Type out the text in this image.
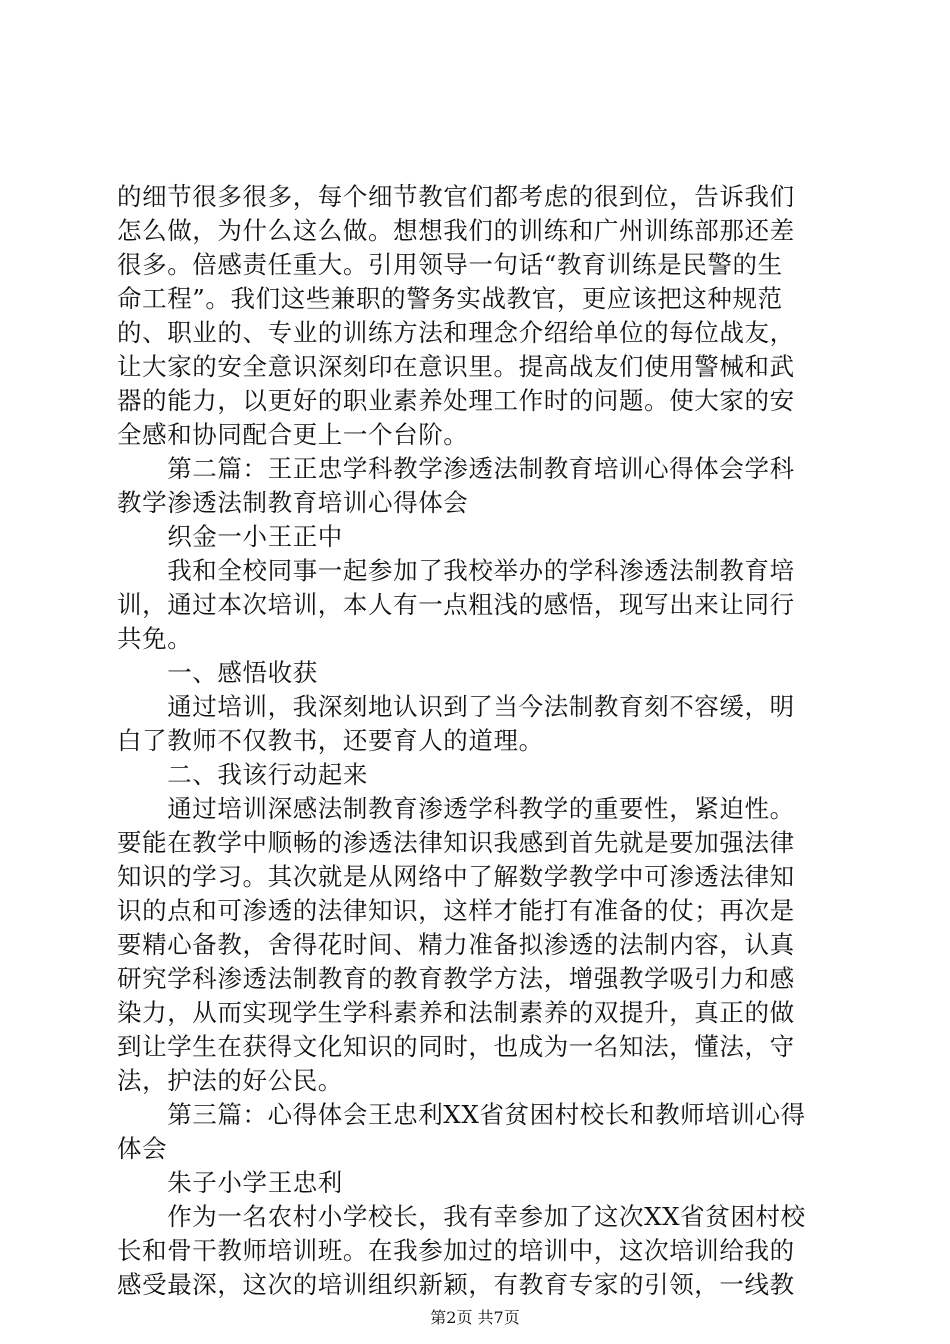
的细节很多很多，每个细节教官们都考虑的很到位，告诉我们
怎么做，为什么这么做。想想我们的训练和广州训练部那还差
很多。倍感责任重大。引用领导一句话“教育训练是民警的生
命工程”。我们这些兼职的警务实战教官，更应该把这种规范
的、职业的、专业的训练方法和理念介绍给单位的每位战友，
让大家的安全意识深刻印在意识里。提高战友们使用警械和武
器的能力，以更好的职业素养处理工作时的问题。使大家的安
全感和协同配合更上一个台阶。
　　第二篇：王正忠学科教学渗透法制教育培训心得体会学科
教学渗透法制教育培训心得体会
　　织金一小王正中
　　我和全校同事一起参加了我校举办的学科渗透法制教育培
训，通过本次培训，本人有一点粗浅的感悟，现写出来让同行
共免。
　　一、感悟收获
　　通过培训，我深刻地认识到了当今法制教育刻不容缓，明
白了教师不仅教书，还要育人的道理。
　　二、我该行动起来
　　通过培训深感法制教育渗透学科教学的重要性，紧迫性。
要能在教学中顺畅的渗透法律知识我感到首先就是要加强法律
知识的学习。其次就是从网络中了解数学教学中可渗透法律知
识的点和可渗透的法律知识，这样才能打有准备的仗；再次是
要精心备教，舍得花时间、精力准备拟渗透的法制内容，认真
研究学科渗透法制教育的教育教学方法，增强教学吸引力和感
染力，从而实现学生学科素养和法制素养的双提升，真正的做
到让学生在获得文化知识的同时，也成为一名知法，懂法，守
法，护法的好公民。
　　第三篇：心得体会王忠利XX省贫困村校长和教师培训心得
体会
　　朱子小学王忠利
　　作为一名农村小学校长，我有幸参加了这次XX省贫困村校
长和骨干教师培训班。在我参加过的培训中，这次培训给我的
感受最深，这次的培训组织新颖，有教育专家的引领，一线教
第2页 共7页
